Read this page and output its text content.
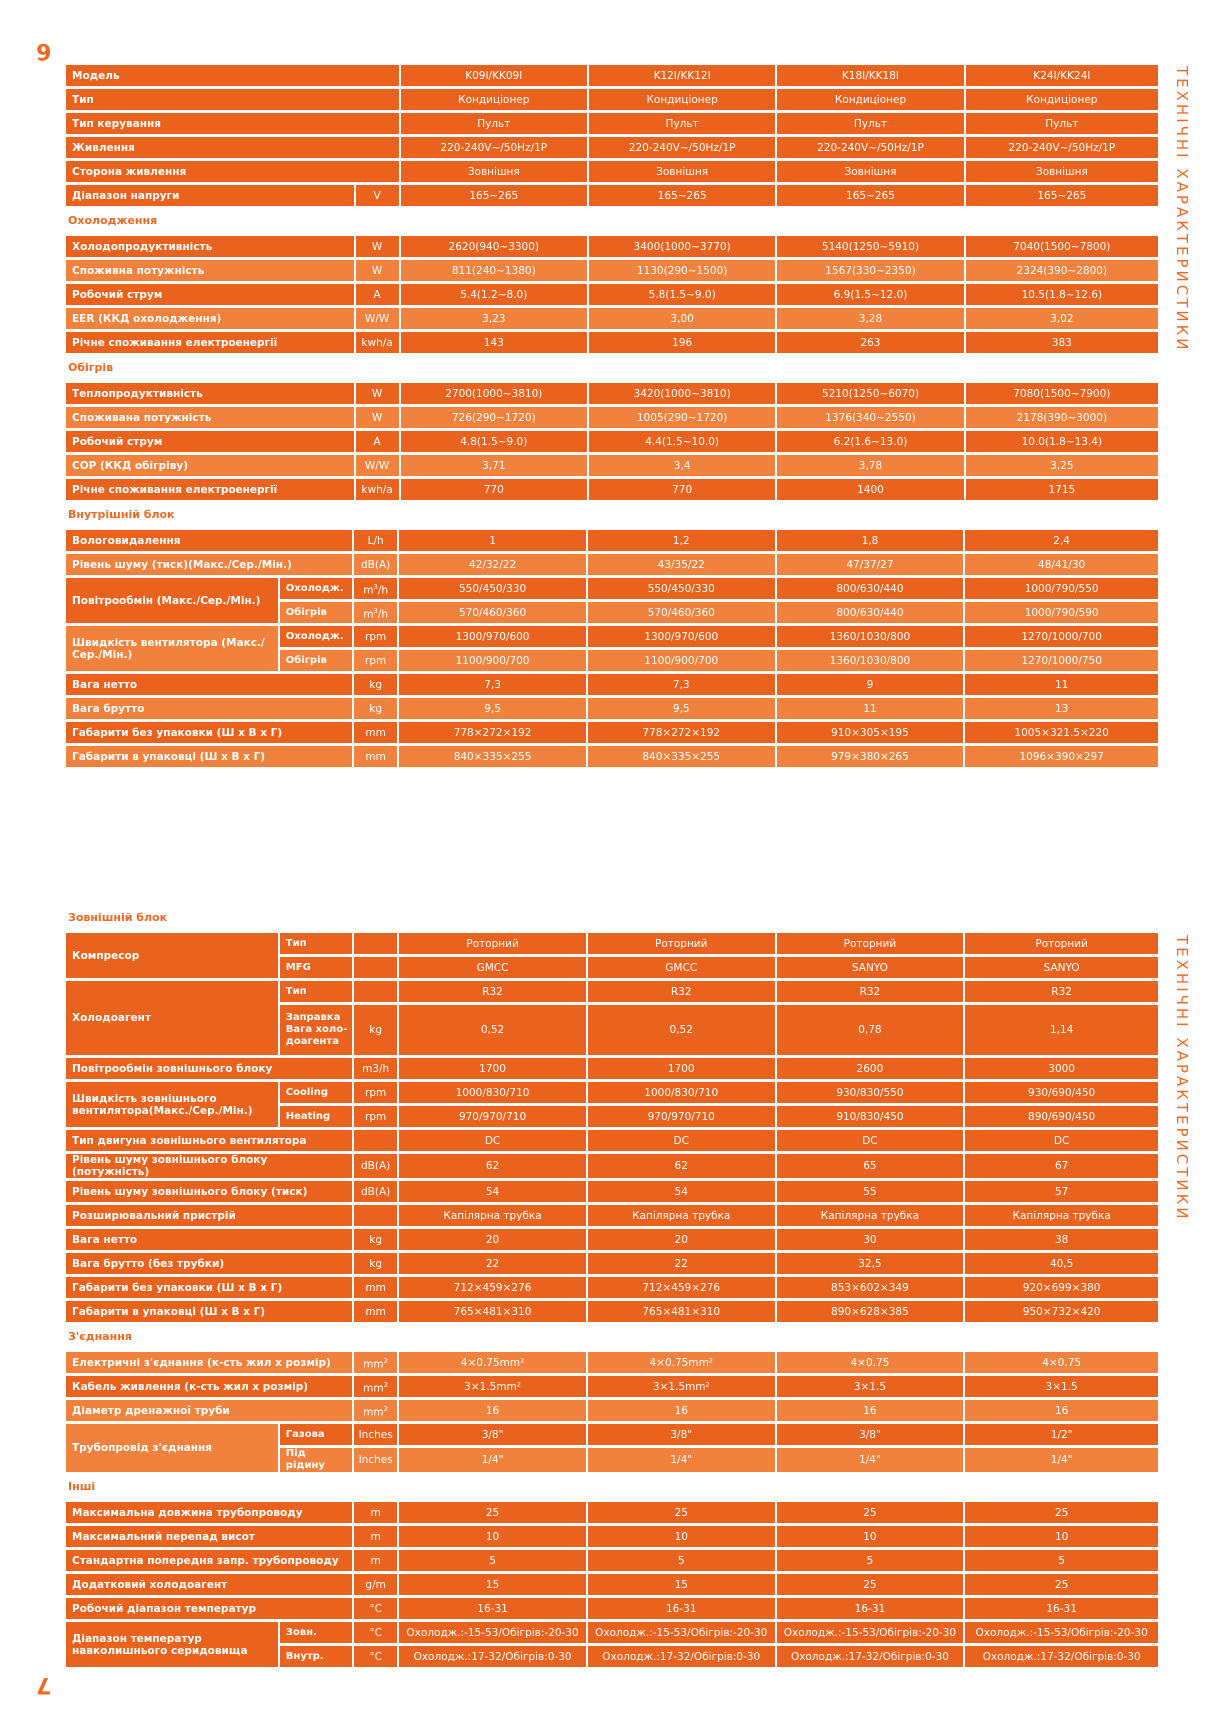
6
7
ТЕХНІЧНІ ХАРАКТЕРИСТИКИ
ТЕХНІЧНІ ХАРАКТЕРИСТИКИ
Модель		K09I/KK09I	K12I/KK12I	K18I/KK18I	K24I/KK24I
Тип		Кондиціонер	Кондиціонер	Кондиціонер	Кондиціонер
Тип керування		Пульт	Пульт	Пульт	Пульт
Живлення		220-240V~/50Hz/1P	220-240V~/50Hz/1P	220-240V~/50Hz/1P	220-240V~/50Hz/1P
Сторона живлення		Зовнішня	Зовнішня	Зовнішня	Зовнішня
Діапазон напруги	V	165~265	165~265	165~265	165~265
Охолодження
Холодопродуктивність	W	2620(940~3300)	3400(1000~3770)	5140(1250~5910)	7040(1500~7800)
Споживна потужність	W	811(240~1380)	1130(290~1500)	1567(330~2350)	2324(390~2800)
Робочий струм	A	5.4(1.2~8.0)	5.8(1.5~9.0)	6.9(1.5~12.0)	10.5(1.8~12.6)
EER (ККД охолодження)	W/W	3,23	3,00	3,28	3,02
Річне споживання електроенергії	kwh/a	143	196	263	383
Обігрів
Теплопродуктивність	W	2700(1000~3810)	3420(1000~3810)	5210(1250~6070)	7080(1500~7900)
Споживана потужність	W	726(290~1720)	1005(290~1720)	1376(340~2550)	2178(390~3000)
Робочий струм	A	4.8(1.5~9.0)	4.4(1.5~10.0)	6.2(1.6~13.0)	10.0(1.8~13.4)
COP (ККД обігріву)	W/W	3,71	3,4	3,78	3,25
Річне споживання електроенергії	kwh/a	770	770	1400	1715
Внутрішній блок
Вологовидалення		L/h	1	1,2	1,8	2,4
Рівень шуму (тиск)(Макс./Сер./Мін.)		dB(A)	42/32/22	43/35/22	47/37/27	48/41/30
Повітрообмін (Макс./Сер./Мін.)	Охолодж.	$m^3/h$	550/450/330	550/450/330	800/630/440	1000/790/550
	Обігрів	$m^3/h$	570/460/360	570/460/360	800/630/440	1000/790/590
Швидкість вентилятора (Макс./Сер./Мін.)	Охолодж.	rpm	1300/970/600	1300/970/600	1360/1030/800	1270/1000/700
	Обігрів	rpm	1100/900/700	1100/900/700	1360/1030/800	1270/1000/750
Вага нетто		kg	7,3	7,3	9	11
Вага брутто		kg	9,5	9,5	11	13
Габарити без упаковки (Ш х В х Г)		mm	778×272×192	778×272×192	910×305×195	1005×321.5×220
Габарити в упаковці (Ш х В х Г)		mm	840×335×255	840×335×255	979×380×265	1096×390×297
Зовнішній блок
Компресор	Тип		Роторний	Роторний	Роторний	Роторний
	MFG		GMCC	GMCC	SANYO	SANYO
Холодоагент	Тип		R32	R32	R32	R32
	Заправка Вага холо-доагента	kg	0,52	0,52	0,78	1,14
Повітрообмін зовнішнього блоку		m3/h	1700	1700	2600	3000
Швидкість зовнішнього вентилятора(Макс./Сер./Мін.)	Cooling	rpm	1000/830/710	1000/830/710	930/830/550	930/690/450
	Heating	rpm	970/970/710	970/970/710	910/830/450	890/690/450
Тип двигуна зовнішнього вентилятора			DC	DC	DC	DC
Рівень шуму зовнішнього блоку (потужність)		dB(A)	62	62	65	67
Рівень шуму зовнішнього блоку (тиск)		dB(A)	54	54	55	57
Розширювальний пристрій			Капілярна трубка	Капілярна трубка	Капілярна трубка	Капілярна трубка
Вага нетто		kg	20	20	30	38
Вага брутто (без трубки)		kg	22	22	32,5	40,5
Габарити без упаковки (Ш х В х Г)		mm	712×459×276	712×459×276	853×602×349	920×699×380
Габарити в упаковці (Ш х В х Г)		mm	765×481×310	765×481×310	890×628×385	950×732×420
З'єднання
Електричні з'єднання (к-сть жил х розмір)		$mm^2$	4×0.75mm²	4×0.75mm²	4×0.75	4×0.75
Кабель живлення (к-сть жил х розмір)		$mm^2$	3×1.5mm²	3×1.5mm²	3×1.5	3×1.5
Діаметр дренажної труби		$mm^2$	16	16	16	16
Трубопровід з'єднання	Газова	Inches	3/8"	3/8"	3/8"	1/2"
	Під рідину	Inches	1/4"	1/4"	1/4"	1/4"
Інші
Максимальна довжина трубопроводу		m	25	25	25	25
Максимальний перепад висот		m	10	10	10	10
Стандартна попередня запр. трубопроводу		m	5	5	5	5
Додатковий холодоагент		g/m	15	15	25	25
Робочий діапазон температур		°C	16-31	16-31	16-31	16-31
Діапазон температур навколишнього серидовища	Зовн.	°C	Охолодж.:-15-53/Обігрів:-20-30	Охолодж.:-15-53/Обігрів:-20-30	Охолодж.:-15-53/Обігрів:-20-30	Охолодж.:-15-53/Обігрів:-20-30
	Внутр.	°C	Охолодж.:17-32/Обігрів:0-30	Охолодж.:17-32/Обігрів:0-30	Охолодж.:17-32/Обігрів:0-30	Охолодж.:17-32/Обігрів:0-30
